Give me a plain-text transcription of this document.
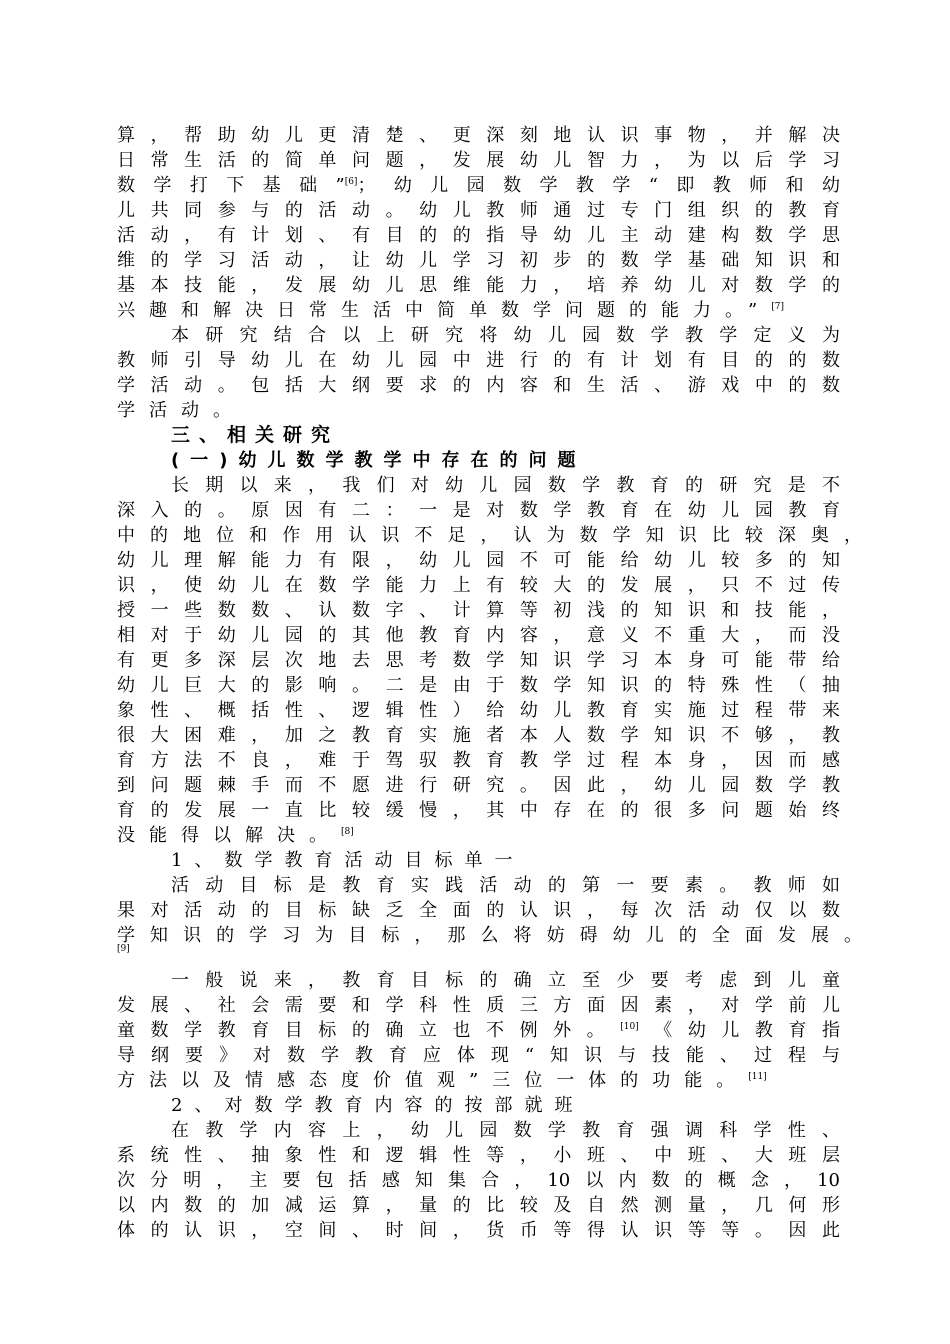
算，帮助幼儿更清楚、更深刻地认识事物，并解决
日常生活的简单问题，发展幼儿智力，为以后学习
数学打下基础”[6]；幼儿园数学教学“即教师和幼
儿共同参与的活动。幼儿教师通过专门组织的教育
活动，有计划、有目的的指导幼儿主动建构数学思
维的学习活动，让幼儿学习初步的数学基础知识和
基本技能，发展幼儿思维能力，培养幼儿对数学的
兴趣和解决日常生活中简单数学问题的能力。”[7]
本研究结合以上研究将幼儿园数学教学定义为
教师引导幼儿在幼儿园中进行的有计划有目的的数
学活动。包括大纲要求的内容和生活、游戏中的数
学活动。
三、相关研究
(一)幼儿数学教学中存在的问题
长期以来，我们对幼儿园数学教育的研究是不
深入的。原因有二：一是对数学教育在幼儿园教育
中的地位和作用认识不足，认为数学知识比较深奥，
幼儿理解能力有限，幼儿园不可能给幼儿较多的知
识，使幼儿在数学能力上有较大的发展，只不过传
授一些数数、认数字、计算等初浅的知识和技能，
相对于幼儿园的其他教育内容，意义不重大，而没
有更多深层次地去思考数学知识学习本身可能带给
幼儿巨大的影响。二是由于数学知识的特殊性（抽
象性、概括性、逻辑性）给幼儿教育实施过程带来
很大困难，加之教育实施者本人数学知识不够，教
育方法不良，难于驾驭教育教学过程本身，因而感
到问题棘手而不愿进行研究。因此，幼儿园数学教
育的发展一直比较缓慢，其中存在的很多问题始终
没能得以解决。[8]
1、数学教育活动目标单一
活动目标是教育实践活动的第一要素。教师如
果对活动的目标缺乏全面的认识，每次活动仅以数
学知识的学习为目标，那么将妨碍幼儿的全面发展。
[9]
一般说来，教育目标的确立至少要考虑到儿童
发展、社会需要和学科性质三方面因素，对学前儿
童数学教育目标的确立也不例外。[10]《幼儿教育指
导纲要》对数学教育应体现“知识与技能、过程与
方法以及情感态度价值观”三位一体的功能。[11]
2、对数学教育内容的按部就班
在教学内容上，幼儿园数学教育强调科学性、
系统性、抽象性和逻辑性等，小班、中班、大班层
次分明，主要包括感知集合，10以内数的概念，10
以内数的加减运算，量的比较及自然测量，几何形
体的认识，空间、时间，货币等得认识等等。因此
